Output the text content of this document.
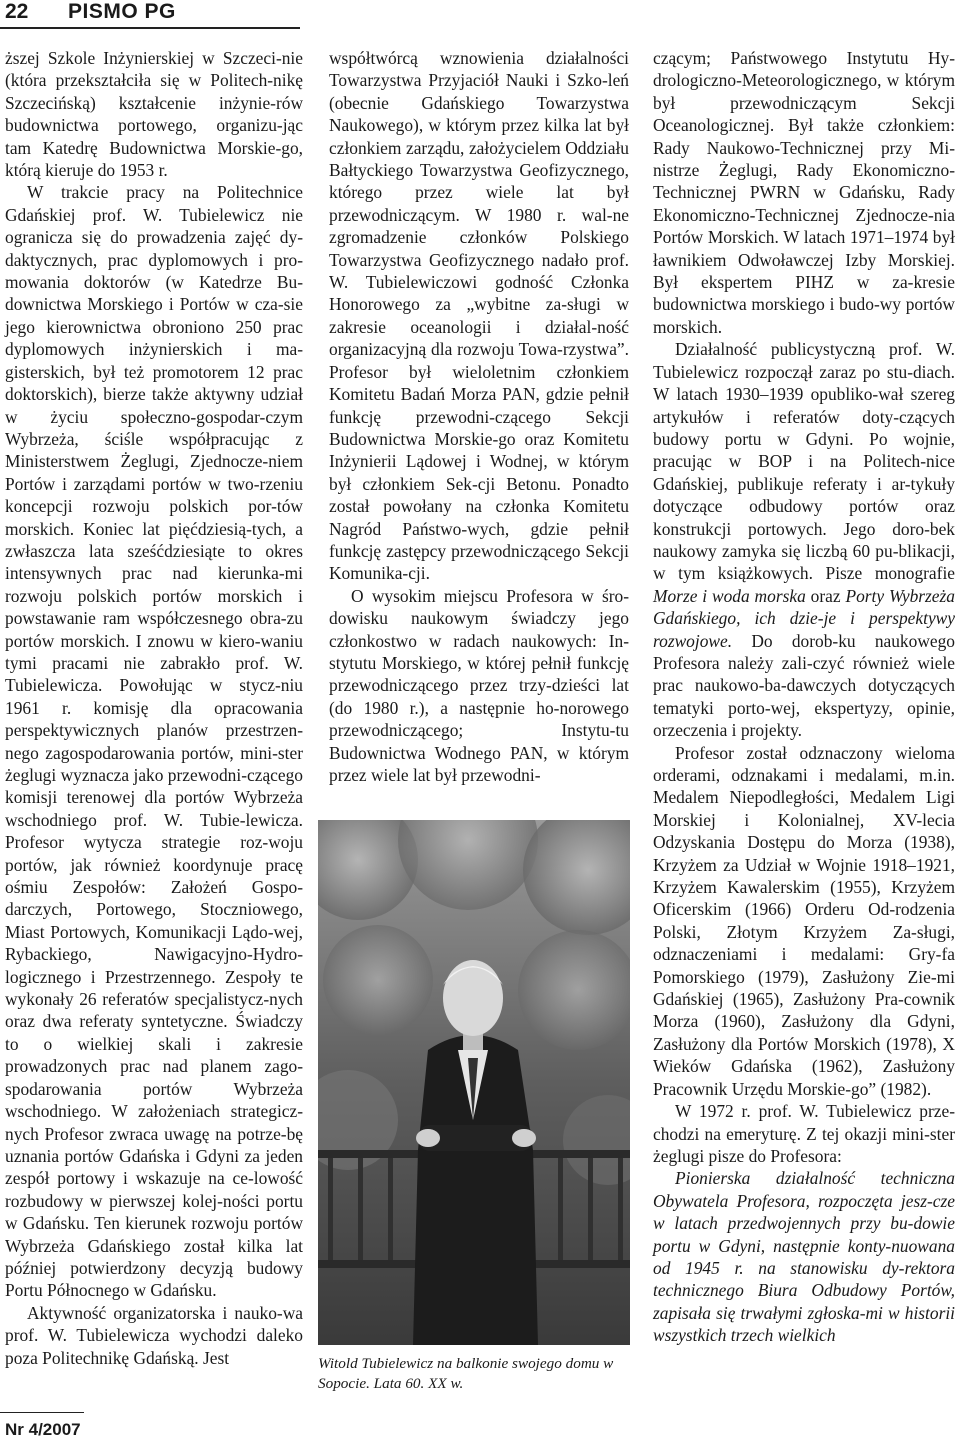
22 PISMO PG

ższej Szkole Inżynierskiej w Szczeci-nie (która przekształciła się w Politech-nikę Szczecińską) kształcenie inżynie-rów budownictwa portowego, organizu-jąc tam Katedrę Budownictwa Morskie-go, którą kieruje do 1953 r.

W trakcie pracy na Politechnice Gdańskiej prof. W. Tubielewicz nie ogranicza się do prowadzenia zajęć dy-daktycznych, prac dyplomowych i pro-mowania doktorów (w Katedrze Bu-downictwa Morskiego i Portów w cza-sie jego kierownictwa obroniono 250 prac dyplomowych inżynierskich i ma-gisterskich, był też promotorem 12 prac doktorskich), bierze także aktywny udział w życiu społeczno-gospodar-czym Wybrzeża, ściśle współpracując z Ministerstwem Żeglugi, Zjednocze-niem Portów i zarządami portów w two-rzeniu koncepcji rozwoju polskich por-tów morskich. Koniec lat pięćdziesią-tych, a zwłaszcza lata sześćdziesiąte to okres intensywnych prac nad kierunka-mi rozwoju polskich portów morskich i powstawanie ram współczesnego obra-zu portów morskich. I znowu w kiero-waniu tymi pracami nie zabrakło prof. W. Tubielewicza. Powołując w stycz-niu 1961 r. komisję dla opracowania perspektywicznych planów przestrzen-nego zagospodarowania portów, mini-ster żeglugi wyznacza jako przewodni-czącego komisji terenowej dla portów Wybrzeża wschodniego prof. W. Tubie-lewicza. Profesor wytycza strategie roz-woju portów, jak również koordynuje pracę ośmiu Zespołów: Założeń Gospo-darczych, Portowego, Stoczniowego, Miast Portowych, Komunikacji Lądo-wej, Rybackiego, Nawigacyjno-Hydro-logicznego i Przestrzennego. Zespoły te wykonały 26 referatów specjalistycz-nych oraz dwa referaty syntetyczne. Świadczy to o wielkiej skali i zakresie prowadzonych prac nad planem zago-spodarowania portów Wybrzeża wschodniego. W założeniach strategicz-nych Profesor zwraca uwagę na potrze-bę uznania portów Gdańska i Gdyni za jeden zespół portowy i wskazuje na ce-lowość rozbudowy w pierwszej kolej-ności portu w Gdańsku. Ten kierunek rozwoju portów Wybrzeża Gdańskiego został kilka lat później potwierdzony decyzją budowy Portu Północnego w Gdańsku.

Aktywność organizatorska i nauko-wa prof. W. Tubielewicza wychodzi daleko poza Politechnikę Gdańską. Jest

współtwórcą wznowienia działalności Towarzystwa Przyjaciół Nauki i Szko-leń (obecnie Gdańskiego Towarzystwa Naukowego), w którym przez kilka lat był członkiem zarządu, założycielem Oddziału Bałtyckiego Towarzystwa Geofizycznego, którego przez wiele lat był przewodniczącym. W 1980 r. wal-ne zgromadzenie członków Polskiego Towarzystwa Geofizycznego nadało prof. W. Tubielewiczowi godność Członka Honorowego za „wybitne za-sługi w zakresie oceanologii i działal-ność organizacyjną dla rozwoju Towa-rzystwa”. Profesor był wieloletnim członkiem Komitetu Badań Morza PAN, gdzie pełnił funkcję przewodni-czącego Sekcji Budownictwa Morskie-go oraz Komitetu Inżynierii Lądowej i Wodnej, w którym był członkiem Sek-cji Betonu. Ponadto został powołany na członka Komitetu Nagród Państwo-wych, gdzie pełnił funkcję zastępcy przewodniczącego Sekcji Komunika-cji.

O wysokim miejscu Profesora w śro-dowisku naukowym świadczy jego członkostwo w radach naukowych: In-stytutu Morskiego, w której pełnił funkcję przewodniczącego przez trzy-dzieści lat (do 1980 r.), a następnie ho-norowego przewodniczącego; Instytu-tu Budownictwa Wodnego PAN, w którym przez wiele lat był przewodni-

Witold Tubielewicz na balkonie swojego domu w Sopocie. Lata 60. XX w.

czącym; Państwowego Instytutu Hy-drologiczno-Meteorologicznego, w którym był przewodniczącym Sekcji Oceanologicznej. Był także członkiem: Rady Naukowo-Technicznej przy Mi-nistrze Żeglugi, Rady Ekonomiczno-Technicznej PWRN w Gdańsku, Rady Ekonomiczno-Technicznej Zjednocze-nia Portów Morskich. W latach 1971–1974 był ławnikiem Odwoławczej Izby Morskiej. Był ekspertem PIHZ w za-kresie budownictwa morskiego i budo-wy portów morskich.

Działalność publicystyczną prof. W. Tubielewicz rozpoczął zaraz po stu-diach. W latach 1930–1939 opubliko-wał szereg artykułów i referatów doty-czących budowy portu w Gdyni. Po wojnie, pracując w BOP i na Politech-nice Gdańskiej, publikuje referaty i ar-tykuły dotyczące odbudowy portów oraz konstrukcji portowych. Jego doro-bek naukowy zamyka się liczbą 60 pu-blikacji, w tym książkowych. Pisze monografie Morze i woda morska oraz Porty Wybrzeża Gdańskiego, ich dzie-je i perspektywy rozwojowe. Do dorob-ku naukowego Profesora należy zali-czyć również wiele prac naukowo-ba-dawczych dotyczących tematyki porto-wej, ekspertyzy, opinie, orzeczenia i projekty.

Profesor został odznaczony wieloma orderami, odznakami i medalami, m.in. Medalem Niepodległości, Medalem Ligi Morskiej i Kolonialnej, XV-lecia Odzyskania Dostępu do Morza (1938), Krzyżem za Udział w Wojnie 1918–1921, Krzyżem Kawalerskim (1955), Krzyżem Oficerskim (1966) Orderu Od-rodzenia Polski, Złotym Krzyżem Za-sługi, odznaczeniami i medalami: Gry-fa Pomorskiego (1979), Zasłużony Zie-mi Gdańskiej (1965), Zasłużony Pra-cownik Morza (1960), Zasłużony dla Gdyni, Zasłużony dla Portów Morskich (1978), X Wieków Gdańska (1962), Zasłużony Pracownik Urzędu Morskie-go” (1982).

W 1972 r. prof. W. Tubielewicz prze-chodzi na emeryturę. Z tej okazji mini-ster żeglugi pisze do Profesora:

Pionierska działalność techniczna Obywatela Profesora, rozpoczęta jesz-cze w latach przedwojennych przy bu-dowie portu w Gdyni, następnie konty-nuowana od 1945 r. na stanowisku dy-rektora technicznego Biura Odbudowy Portów, zapisała się trwałymi zgłoska-mi w historii wszystkich trzech wielkich

Nr 4/2007
